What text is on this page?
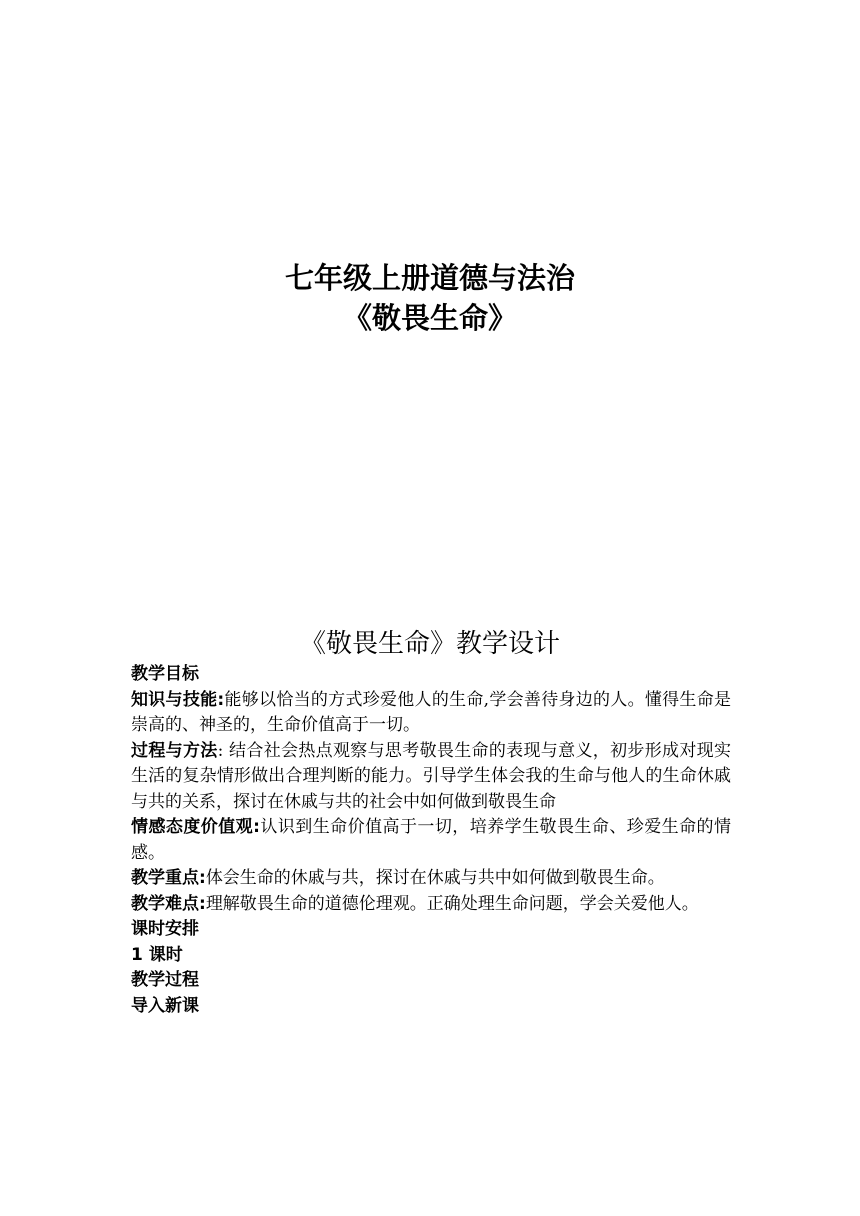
七年级上册道德与法治
《敬畏生命》
《敬畏生命》教学设计

教学目标

知识与技能:能够以恰当的方式珍爱他人的生命,学会善待身边的人。懂得生命是崇高的、神圣的，生命价值高于一切。

过程与方法: 结合社会热点观察与思考敬畏生命的表现与意义，初步形成对现实生活的复杂情形做出合理判断的能力。引导学生体会我的生命与他人的生命休戚与共的关系，探讨在休戚与共的社会中如何做到敬畏生命

情感态度价值观:认识到生命价值高于一切，培养学生敬畏生命、珍爱生命的情感。

教学重点:体会生命的休戚与共，探讨在休戚与共中如何做到敬畏生命。

教学难点:理解敬畏生命的道德伦理观。正确处理生命问题，学会关爱他人。

课时安排

1 课时

教学过程

导入新课
